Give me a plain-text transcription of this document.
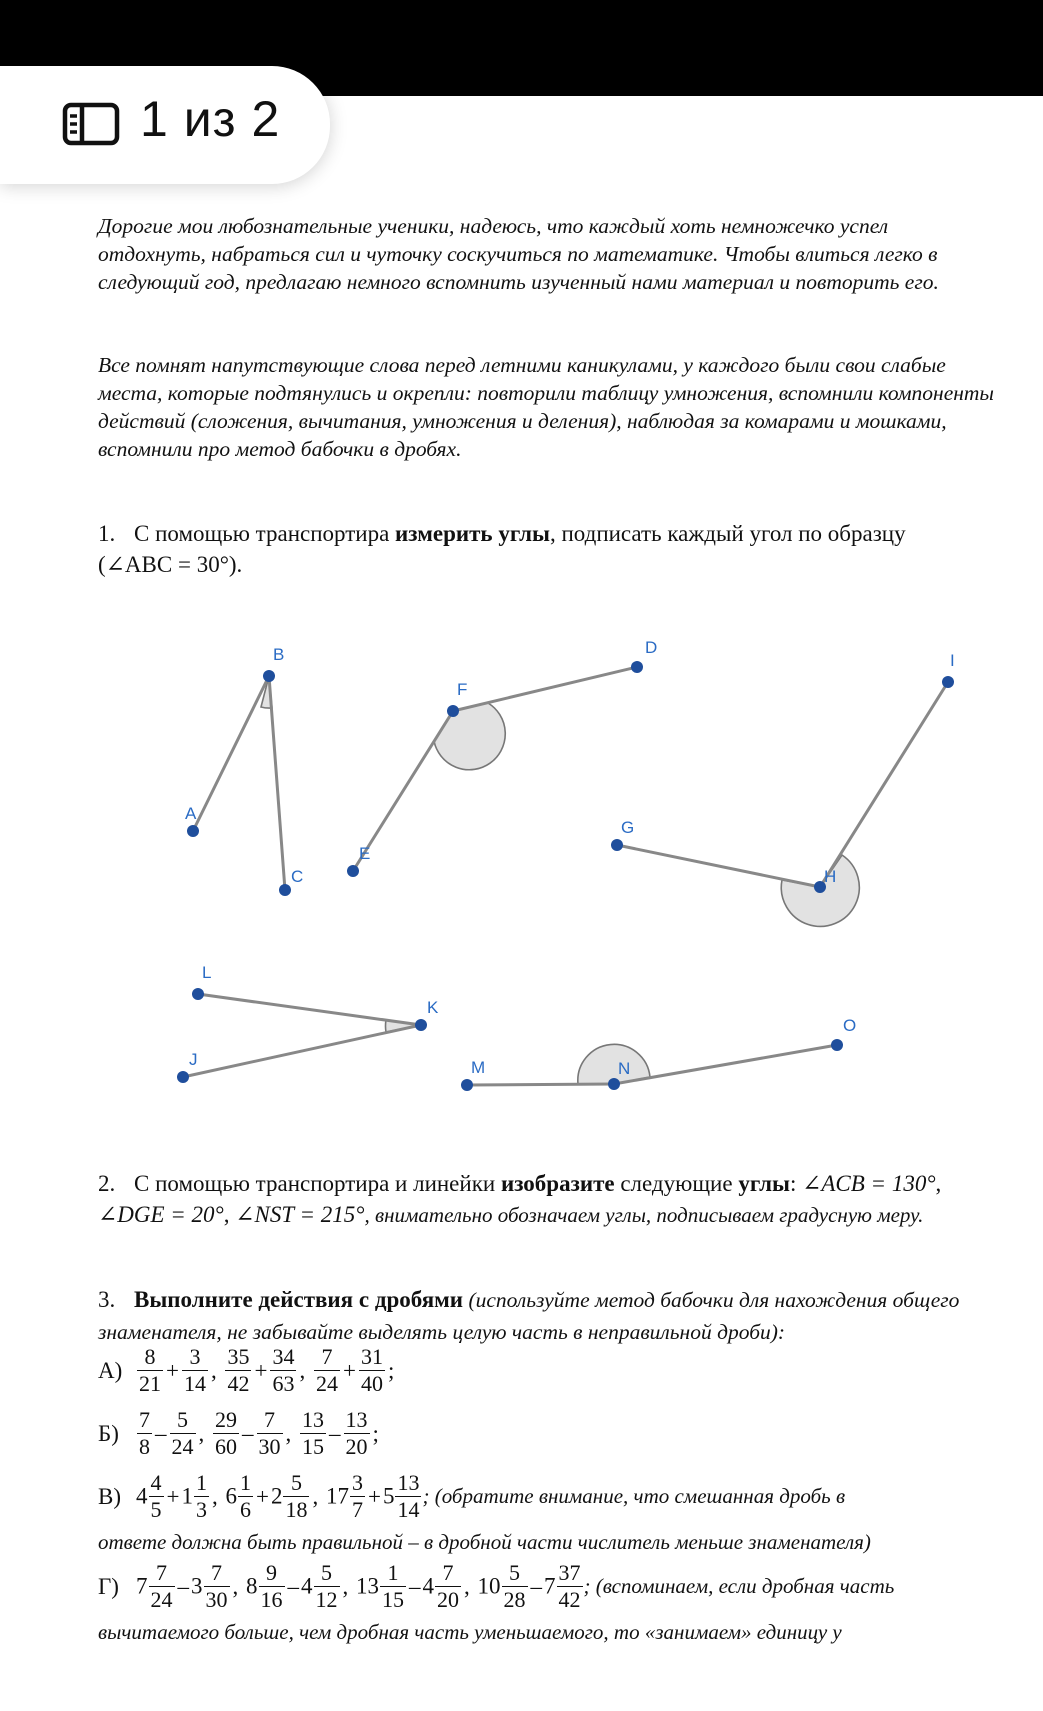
1 из 2
Дорогие мои любознательные ученики, надеюсь, что каждый хоть немножечко успел отдохнуть, набраться сил и чуточку соскучиться по математике. Чтобы влиться легко в следующий год, предлагаю немного вспомнить изученный нами материал и повторить его.
Все помнят напутствующие слова перед летними каникулами, у каждого были свои слабые места, которые подтянулись и окрепли: повторили таблицу умножения, вспомнили компоненты действий (сложения, вычитания, умножения и деления), наблюдая за комарами и мошками, вспомнили про метод бабочки в дробях.
1. С помощью транспортира измерить углы, подписать каждый угол по образцу
(∠ABC = 30°).
A
B
C
D
E
F
G
H
I
J
K
L
M	N
O
2. С помощью транспортира и линейки изобразите следующие углы: ∠ACB = 130°,
∠DGE = 20°, ∠NST = 215°, внимательно обозначаем углы, подписываем градусную меру.
3. Выполните действия с дробями (используйте метод бабочки для нахождения общего знаменателя, не забывайте выделять целую часть в неправильной дроби):
$А) \frac{8}{21} + \frac{3}{14}$ , $\frac{35}{42} + \frac{34}{63}$ , $\frac{7}{24} + \frac{31}{40}$ ;
$Б) \frac{7}{8} - \frac{5}{24}$ , $\frac{29}{60} - \frac{7}{30}$ , $\frac{13}{15} - \frac{13}{20}$ ;
В) $4 \frac{4}{5} +1 \frac{1}{3}$ , $6 \frac{1}{6} +2 \frac{5}{18}$ , $17 \frac{3}{7} +5 \frac{13}{14}$ ; (обратите внимание, что смешанная дробь в
ответе должна быть правильной – в дробной части числитель меньше знаменателя)
Г) $7 \frac{7}{24} -3 \frac{7}{30}$ , $8 \frac{9}{16} -4 \frac{5}{12}$ , $13 \frac{1}{15} -4 \frac{7}{20}$ , $10 \frac{5}{28} -7 \frac{37}{42}$ ; (вспоминаем, если дробная часть
вычитаемого больше, чем дробная часть уменьшаемого, то «занимаем» единицу у
